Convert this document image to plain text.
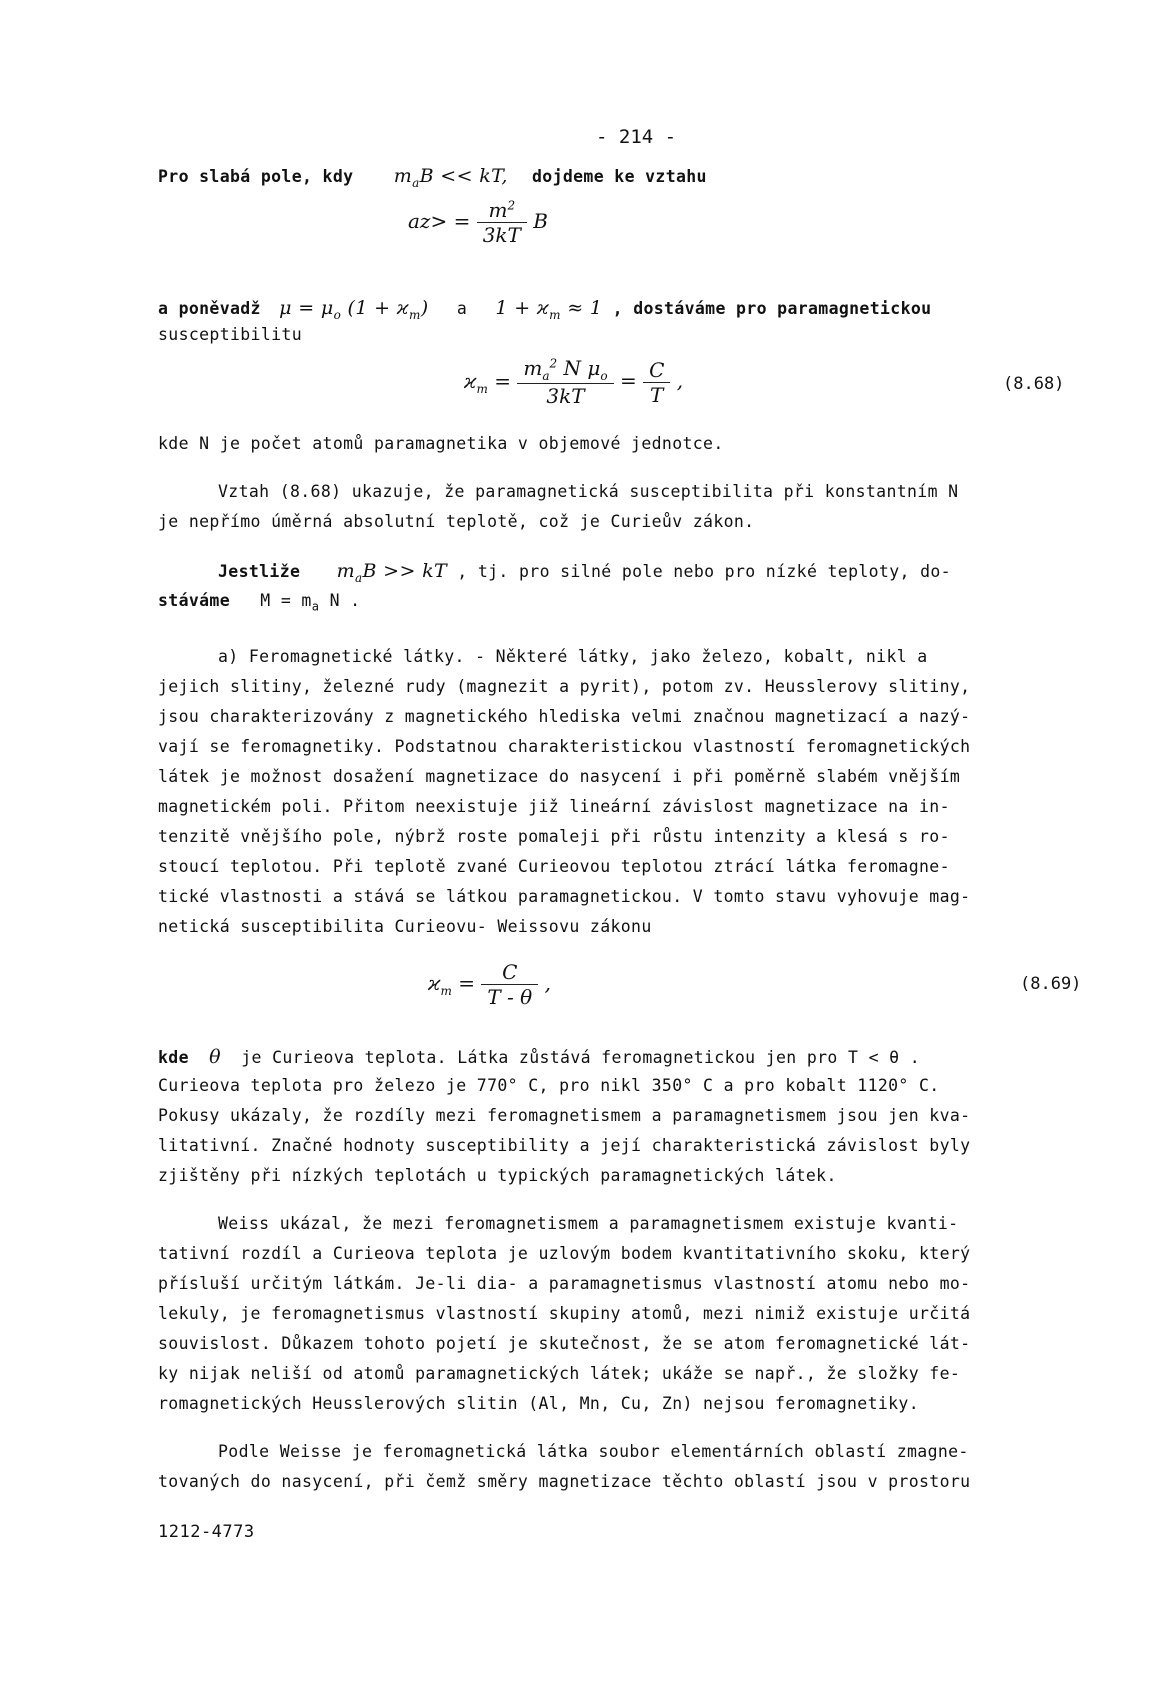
- 214 -
Pro slabá pole, kdy $m_aB$ << kT, dojdeme ke vztahu
$az> = \frac{m^2}{3kT}$ B
a poněvadž $\mu = \mu_o$ $(1 + ϰ_m)$ a $1 + ϰ_m \approx 1$ , dostáváme pro paramagnetickou
susceptibilitu
$ϰ_m = \frac{m_a^2 N \mu_o}{3kT} = \frac{C}{T}$ ,	(8.68)
kde N je počet atomů paramagnetika v objemové jednotce.
Vztah (8.68) ukazuje, že paramagnetická susceptibilita při konstantním N
je nepřímo úměrná absolutní teplotě, což je Curieův zákon.
Jestliže $m_aB$ >> kT , tj. pro silné pole nebo pro nízké teploty, do-
stáváme $M = m_a$ N .
a) Feromagnetické látky. - Některé látky, jako železo, kobalt, nikl a
jejich slitiny, železné rudy (magnezit a pyrit), potom zv. Heusslerovy slitiny,
jsou charakterizovány z magnetického hlediska velmi značnou magnetizací a nazý-
vají se feromagnetiky. Podstatnou charakteristickou vlastností feromagnetických
látek je možnost dosažení magnetizace do nasycení i při poměrně slabém vnějším
magnetickém poli. Přitom neexistuje již lineární závislost magnetizace na in-
tenzitě vnějšího pole, nýbrž roste pomaleji při růstu intenzity a klesá s ro-
stoucí teplotou. Při teplotě zvané Curieovou teplotou ztrácí látka feromagne-
tické vlastnosti a stává se látkou paramagnetickou. V tomto stavu vyhovuje mag-
netická susceptibilita Curieovu- Weissovu zákonu
$ϰ_m = \frac{C}{T - \theta}$ ,	(8.69)
kde θ je Curieova teplota. Látka zůstává feromagnetickou jen pro T < θ .
Curieova teplota pro železo je 770° C, pro nikl 350° C a pro kobalt 1120° C.
Pokusy ukázaly, že rozdíly mezi feromagnetismem a paramagnetismem jsou jen kva-
litativní. Značné hodnoty susceptibility a její charakteristická závislost byly
zjištěny při nízkých teplotách u typických paramagnetických látek.
Weiss ukázal, že mezi feromagnetismem a paramagnetismem existuje kvanti-
tativní rozdíl a Curieova teplota je uzlovým bodem kvantitativního skoku, který
přísluší určitým látkám. Je-li dia- a paramagnetismus vlastností atomu nebo mo-
lekuly, je feromagnetismus vlastností skupiny atomů, mezi nimiž existuje určitá
souvislost. Důkazem tohoto pojetí je skutečnost, že se atom feromagnetické lát-
ky nijak neliší od atomů paramagnetických látek; ukáže se např., že složky fe-
romagnetických Heusslerových slitin (Al, Mn, Cu, Zn) nejsou feromagnetiky.
Podle Weisse je feromagnetická látka soubor elementárních oblastí zmagne-
tovaných do nasycení, při čemž směry magnetizace těchto oblastí jsou v prostoru
1212-4773
